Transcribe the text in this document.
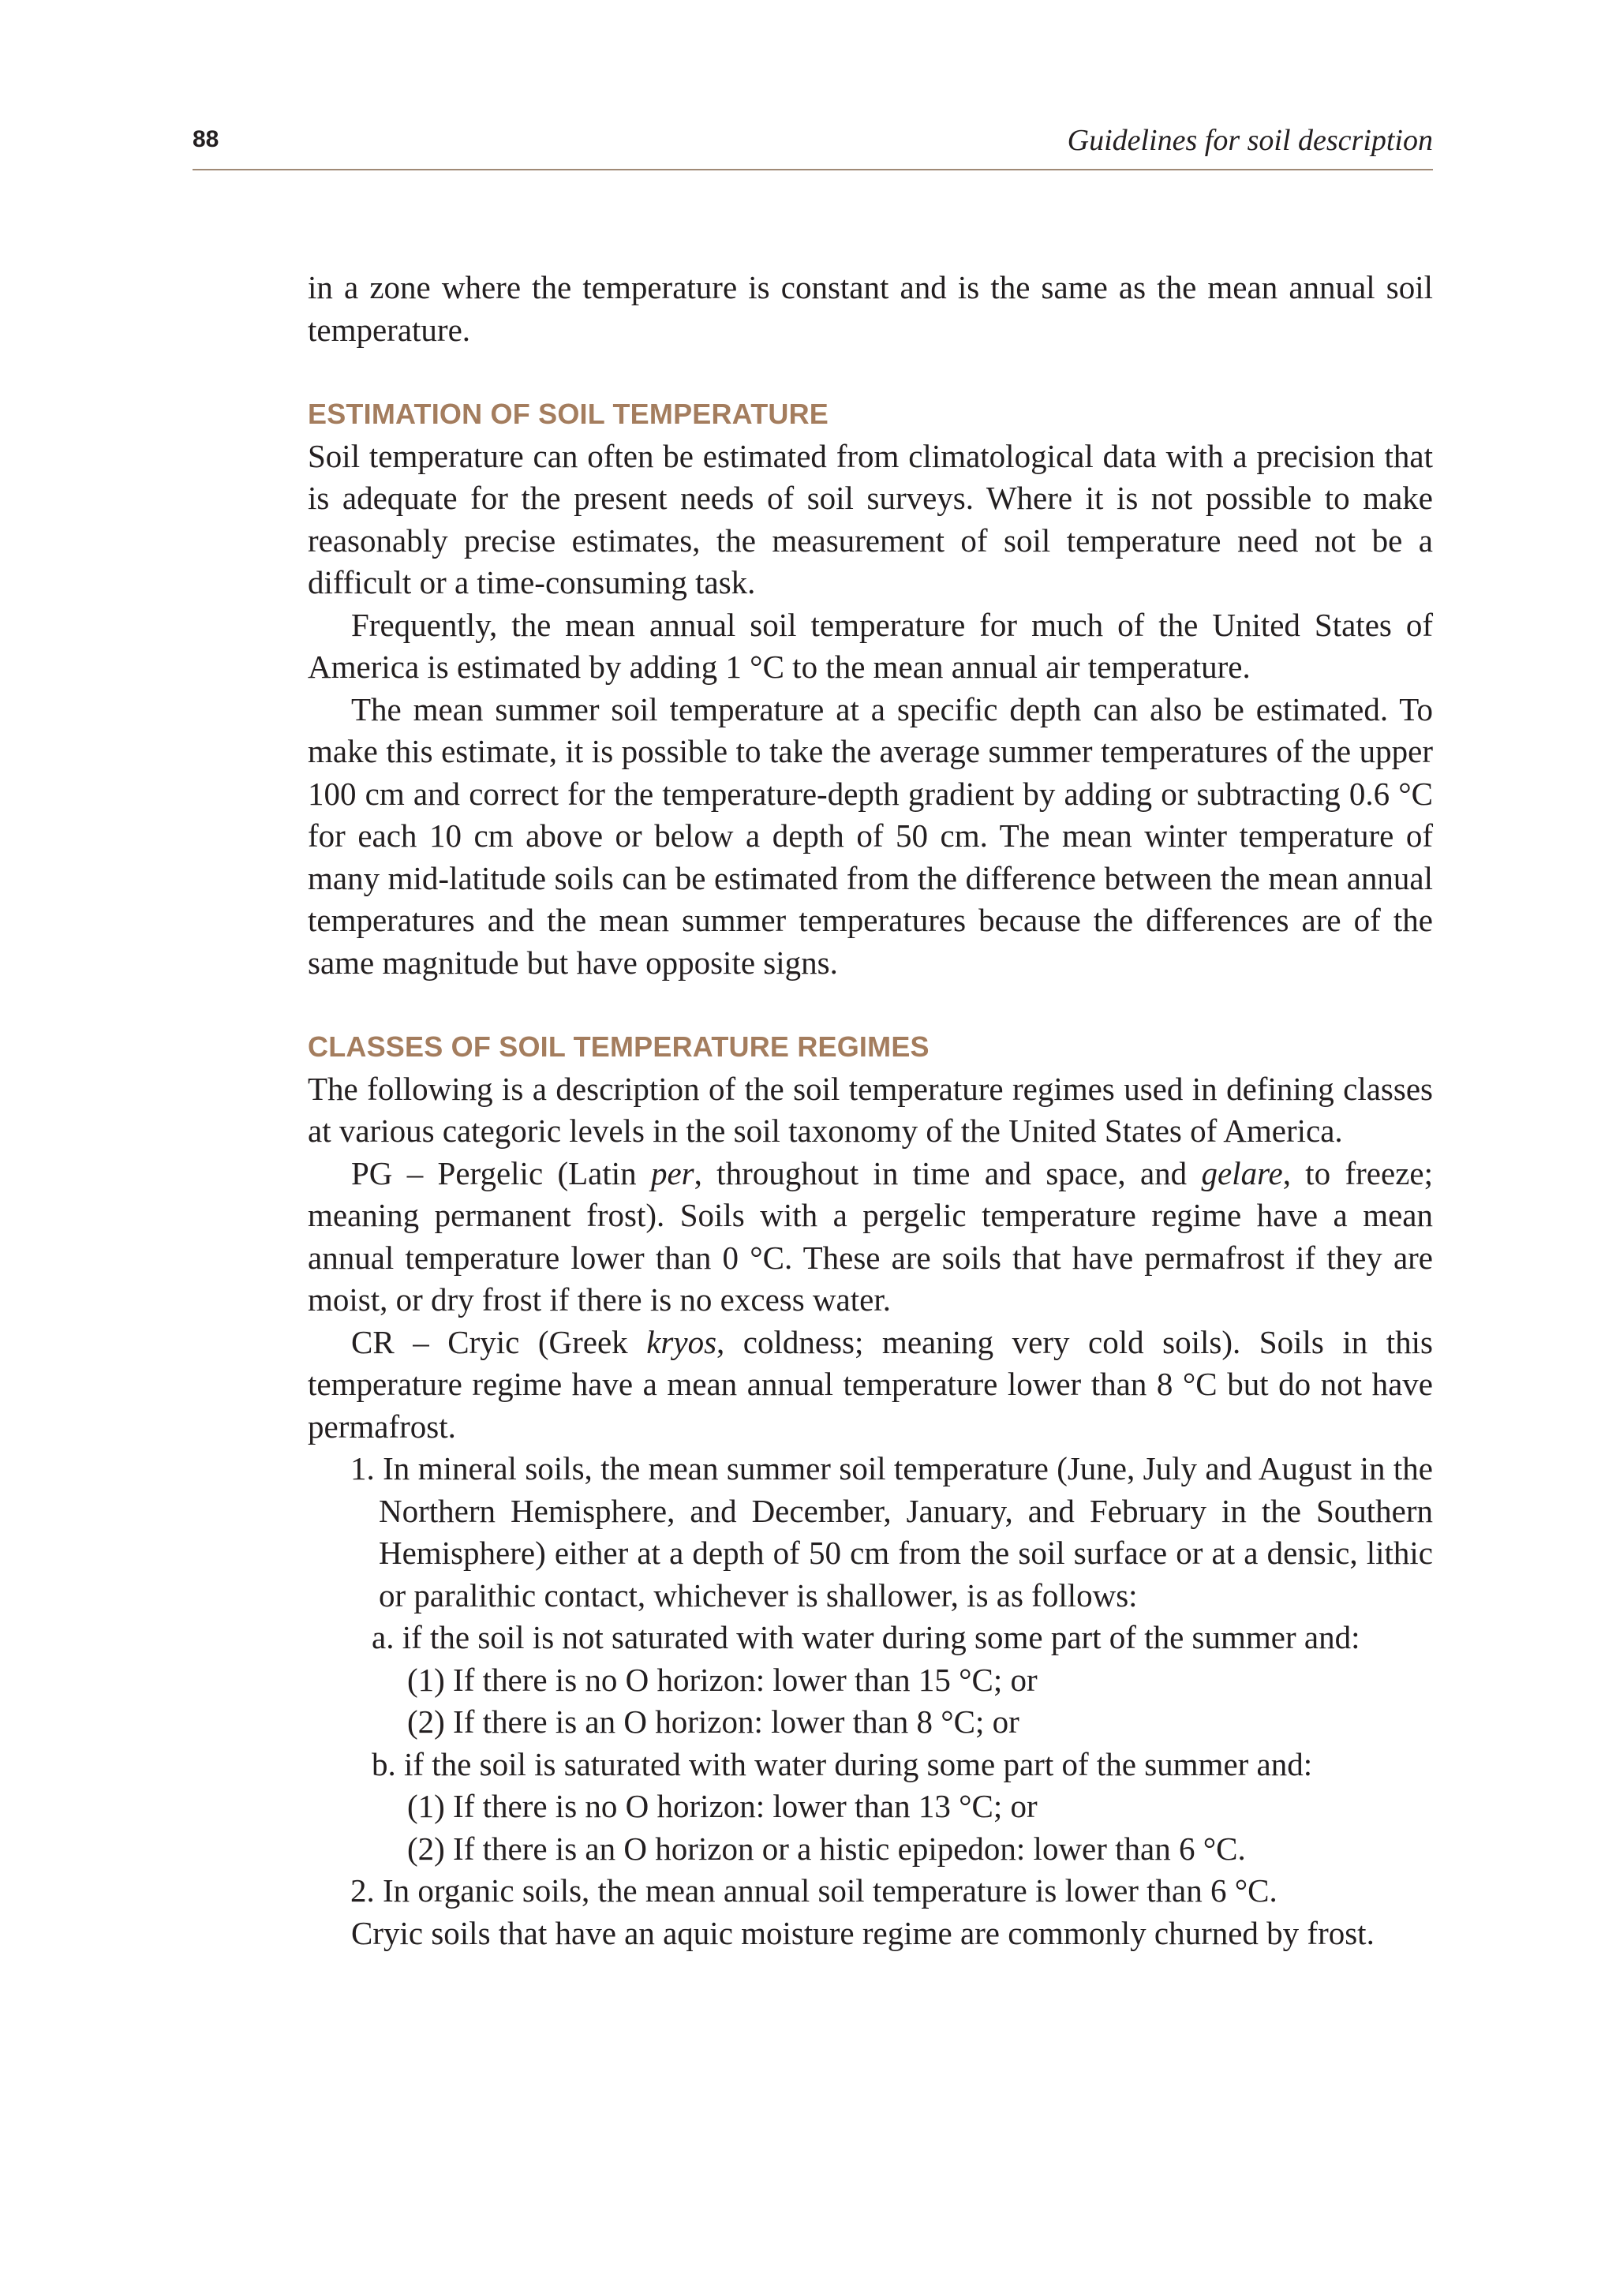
88	Guidelines for soil description

in a zone where the temperature is constant and is the same as the mean annual soil temperature.

ESTIMATION OF SOIL TEMPERATURE

Soil temperature can often be estimated from climatological data with a precision that is adequate for the present needs of soil surveys. Where it is not possible to make reasonably precise estimates, the measurement of soil temperature need not be a difficult or a time-consuming task.

Frequently, the mean annual soil temperature for much of the United States of America is estimated by adding 1 °C to the mean annual air temperature.

The mean summer soil temperature at a specific depth can also be estimated. To make this estimate, it is possible to take the average summer temperatures of the upper 100 cm and correct for the temperature-depth gradient by adding or subtracting 0.6 °C for each 10 cm above or below a depth of 50 cm. The mean winter temperature of many mid-latitude soils can be estimated from the difference between the mean annual temperatures and the mean summer temperatures because the differences are of the same magnitude but have opposite signs.

CLASSES OF SOIL TEMPERATURE REGIMES

The following is a description of the soil temperature regimes used in defining classes at various categoric levels in the soil taxonomy of the United States of America.

PG – Pergelic (Latin per, throughout in time and space, and gelare, to freeze; meaning permanent frost). Soils with a pergelic temperature regime have a mean annual temperature lower than 0 °C. These are soils that have permafrost if they are moist, or dry frost if there is no excess water.

CR – Cryic (Greek kryos, coldness; meaning very cold soils). Soils in this temperature regime have a mean annual temperature lower than 8 °C but do not have permafrost.

1. In mineral soils, the mean summer soil temperature (June, July and August in the Northern Hemisphere, and December, January, and February in the Southern Hemisphere) either at a depth of 50 cm from the soil surface or at a densic, lithic or paralithic contact, whichever is shallower, is as follows:

a. if the soil is not saturated with water during some part of the summer and:

(1) If there is no O horizon: lower than 15 °C; or

(2) If there is an O horizon: lower than 8 °C; or

b. if the soil is saturated with water during some part of the summer and:

(1) If there is no O horizon: lower than 13 °C; or

(2) If there is an O horizon or a histic epipedon: lower than 6 °C.

2. In organic soils, the mean annual soil temperature is lower than 6 °C.

Cryic soils that have an aquic moisture regime are commonly churned by frost.
